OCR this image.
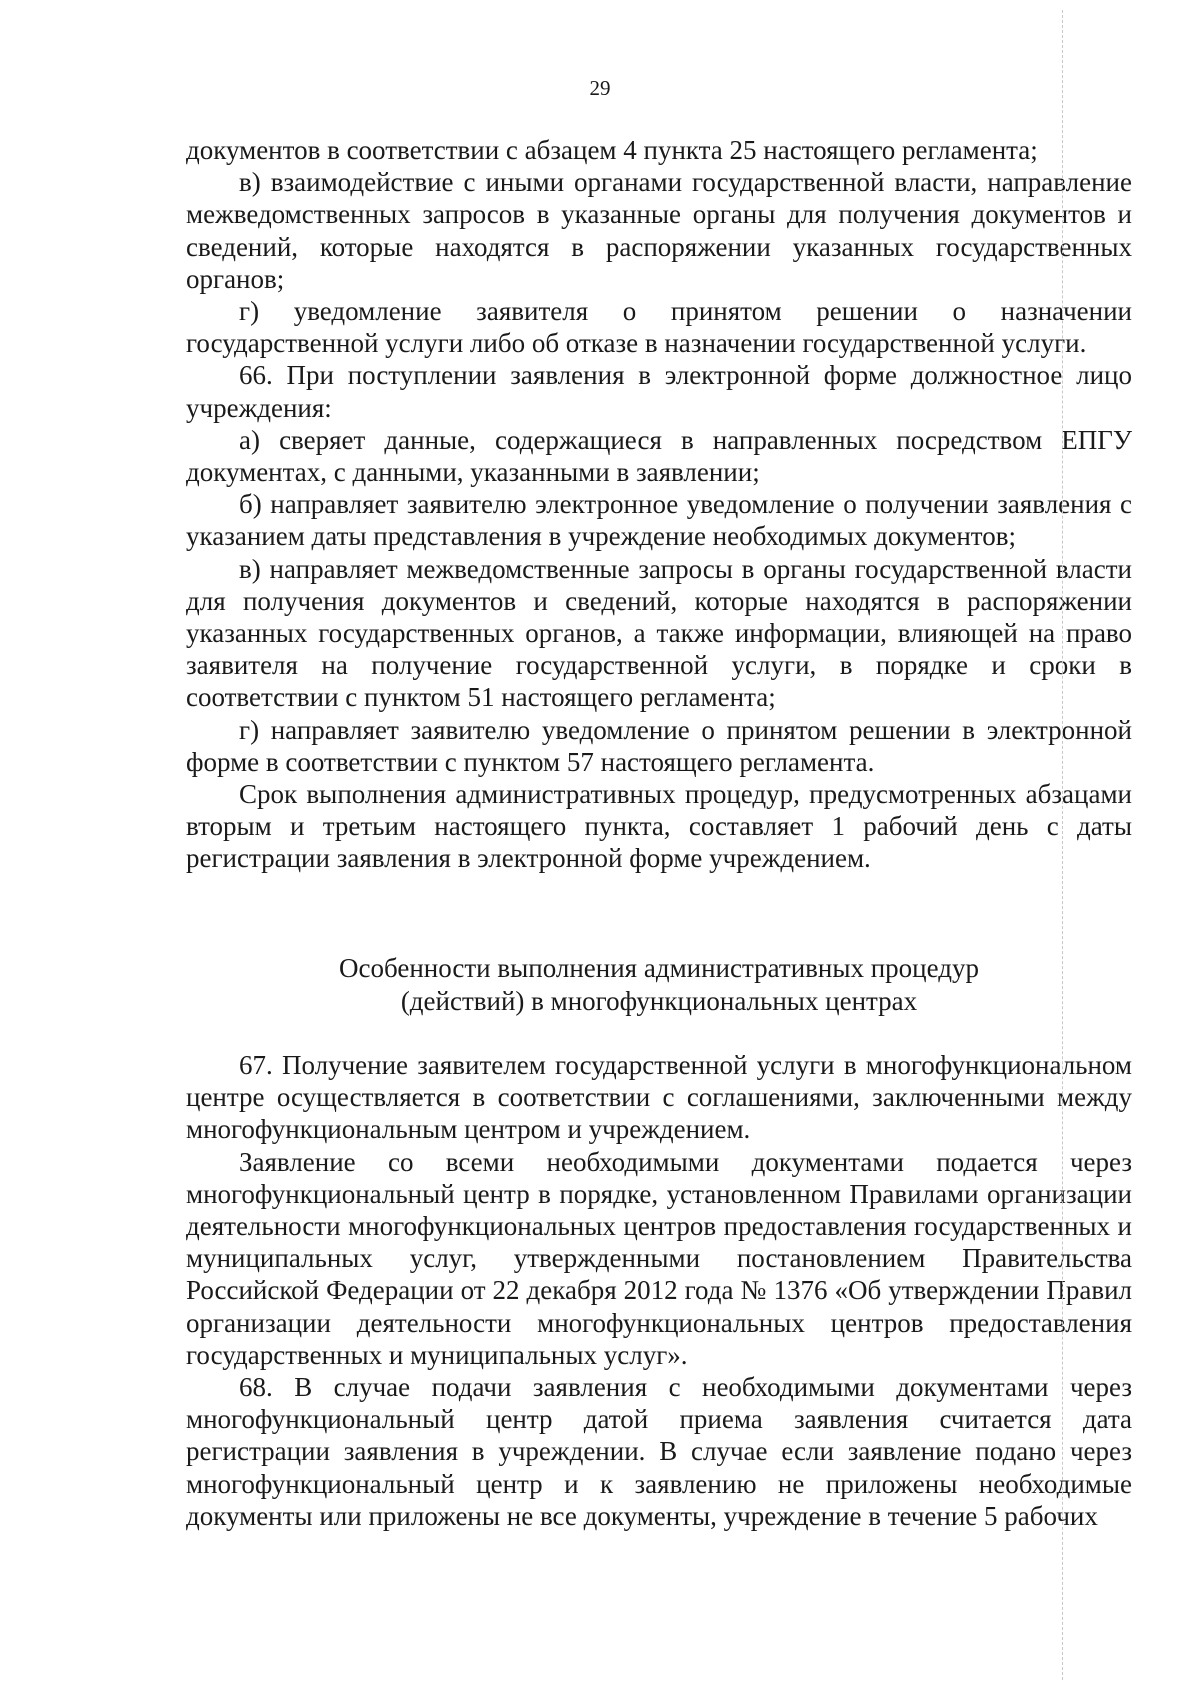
29

документов в соответствии с абзацем 4 пункта 25 настоящего регламента;

в) взаимодействие с иными органами государственной власти, направление межведомственных запросов в указанные органы для получения документов и сведений, которые находятся в распоряжении указанных государственных органов;

г) уведомление заявителя о принятом решении о назначении государственной услуги либо об отказе в назначении государственной услуги.

66. При поступлении заявления в электронной форме должностное лицо учреждения:

а) сверяет данные, содержащиеся в направленных посредством ЕПГУ документах, с данными, указанными в заявлении;

б) направляет заявителю электронное уведомление о получении заявления с указанием даты представления в учреждение необходимых документов;

в) направляет межведомственные запросы в органы государственной власти для получения документов и сведений, которые находятся в распоряжении указанных государственных органов, а также информации, влияющей на право заявителя на получение государственной услуги, в порядке и сроки в соответствии с пунктом 51 настоящего регламента;

г) направляет заявителю уведомление о принятом решении в электронной форме в соответствии с пунктом 57 настоящего регламента.

Срок выполнения административных процедур, предусмотренных абзацами вторым и третьим настоящего пункта, составляет 1 рабочий день с даты регистрации заявления в электронной форме учреждением.

Особенности выполнения административных процедур
(действий) в многофункциональных центрах

67. Получение заявителем государственной услуги в многофункциональном центре осуществляется в соответствии с соглашениями, заключенными между многофункциональным центром и учреждением.

Заявление со всеми необходимыми документами подается через многофункциональный центр в порядке, установленном Правилами организации деятельности многофункциональных центров предоставления государственных и муниципальных услуг, утвержденными постановлением Правительства Российской Федерации от 22 декабря 2012 года № 1376 «Об утверждении Правил организации деятельности многофункциональных центров предоставления государственных и муниципальных услуг».

68. В случае подачи заявления с необходимыми документами через многофункциональный центр датой приема заявления считается дата регистрации заявления в учреждении. В случае если заявление подано через многофункциональный центр и к заявлению не приложены необходимые документы или приложены не все документы, учреждение в течение 5 рабочих
